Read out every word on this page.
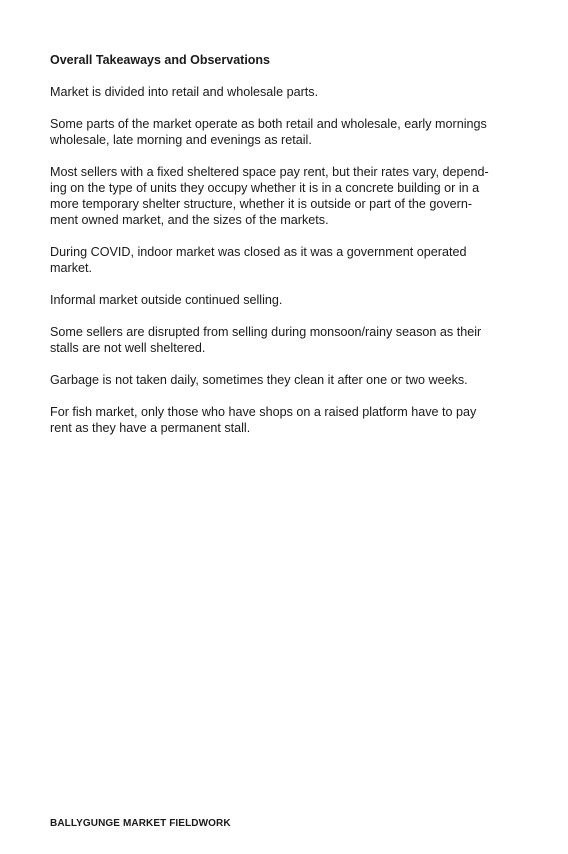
Overall Takeaways and Observations

Market is divided into retail and wholesale parts.

Some parts of the market operate as both retail and wholesale, early mornings
wholesale, late morning and evenings as retail.

Most sellers with a fixed sheltered space pay rent, but their rates vary, depend-
ing on the type of units they occupy whether it is in a concrete building or in a
more temporary shelter structure, whether it is outside or part of the govern-
ment owned market, and the sizes of the markets.

During COVID, indoor market was closed as it was a government operated
market.

Informal market outside continued selling.

Some sellers are disrupted from selling during monsoon/rainy season as their
stalls are not well sheltered.

Garbage is not taken daily, sometimes they clean it after one or two weeks.

For fish market, only those who have shops on a raised platform have to pay
rent as they have a permanent stall.

BALLYGUNGE MARKET FIELDWORK
